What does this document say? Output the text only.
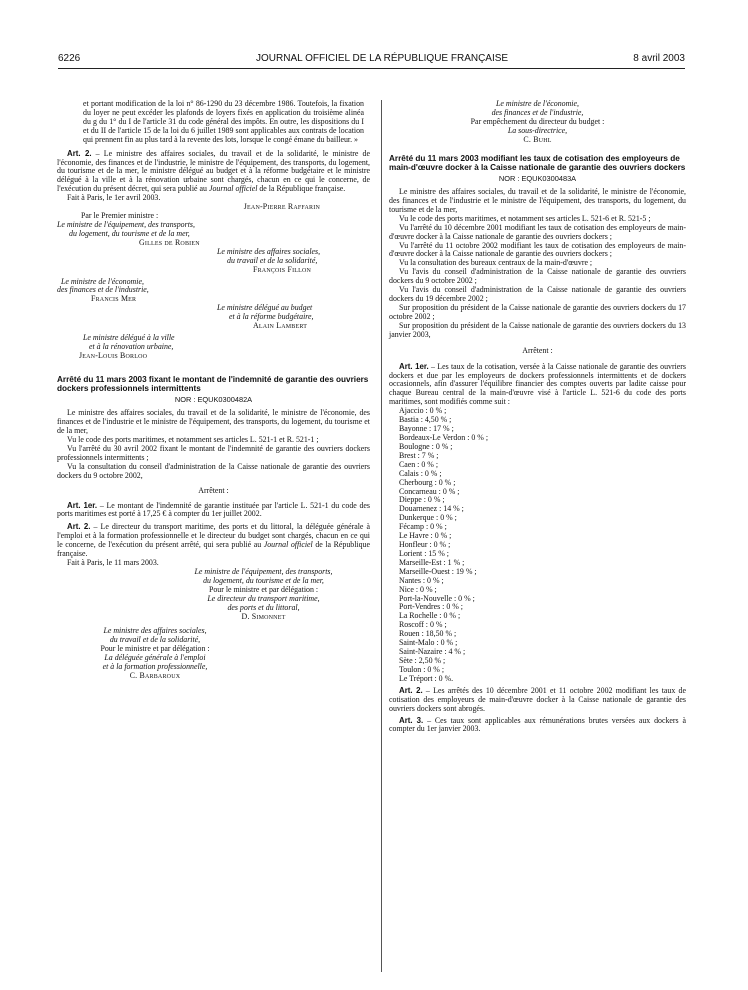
6226	JOURNAL OFFICIEL DE LA RÉPUBLIQUE FRANÇAISE	8 avril 2003

et portant modification de la loi n° 86-1290 du 23 décembre 1986. Toutefois, la fixation du loyer ne peut excéder les plafonds de loyers fixés en application du troisième alinéa du g du 1° du I de l'article 31 du code général des impôts. En outre, les dispositions du I et du II de l'article 15 de la loi du 6 juillet 1989 sont applicables aux contrats de location qui prennent fin au plus tard à la revente des lots, lorsque le congé émane du bailleur. »

Art. 2. – Le ministre des affaires sociales, du travail et de la solidarité, le ministre de l'économie, des finances et de l'industrie, le ministre de l'équipement, des transports, du logement, du tourisme et de la mer, le ministre délégué au budget et à la réforme budgétaire et le ministre délégué à la ville et à la rénovation urbaine sont chargés, chacun en ce qui le concerne, de l'exécution du présent décret, qui sera publié au Journal officiel de la République française.

Fait à Paris, le 1er avril 2003.

Jean-Pierre Raffarin
Par le Premier ministre :
Le ministre de l'équipement, des transports,
du logement, du tourisme et de la mer,
Gilles de Robien
Le ministre des affaires sociales,
du travail et de la solidarité,
François Fillon
Le ministre de l'économie,
des finances et de l'industrie,
Francis Mer
Le ministre délégué au budget
et à la réforme budgétaire,
Alain Lambert
Le ministre délégué à la ville
et à la rénovation urbaine,
Jean-Louis Borloo

Arrêté du 11 mars 2003 fixant le montant de l'indemnité de garantie des ouvriers dockers professionnels intermittents

NOR : EQUK0300482A

Le ministre des affaires sociales, du travail et de la solidarité, le ministre de l'économie, des finances et de l'industrie et le ministre de l'équipement, des transports, du logement, du tourisme et de la mer,

Vu le code des ports maritimes, et notamment ses articles L. 521-1 et R. 521-1 ;

Vu l'arrêté du 30 avril 2002 fixant le montant de l'indemnité de garantie des ouvriers dockers professionnels intermittents ;

Vu la consultation du conseil d'administration de la Caisse nationale de garantie des ouvriers dockers du 9 octobre 2002,

Arrêtent :

Art. 1er. – Le montant de l'indemnité de garantie instituée par l'article L. 521-1 du code des ports maritimes est porté à 17,25 € à compter du 1er juillet 2002.

Art. 2. – Le directeur du transport maritime, des ports et du littoral, la déléguée générale à l'emploi et à la formation professionnelle et le directeur du budget sont chargés, chacun en ce qui le concerne, de l'exécution du présent arrêté, qui sera publié au Journal officiel de la République française.

Fait à Paris, le 11 mars 2003.

Le ministre de l'équipement, des transports,
du logement, du tourisme et de la mer,
Pour le ministre et par délégation :
Le directeur du transport maritime,
des ports et du littoral,
D. Simonnet
Le ministre des affaires sociales,
du travail et de la solidarité,
Pour le ministre et par délégation :
La déléguée générale à l'emploi
et à la formation professionnelle,
C. Barbaroux
Le ministre de l'économie,
des finances et de l'industrie,
Par empêchement du directeur du budget :
La sous-directrice,
C. Buhl

Arrêté du 11 mars 2003 modifiant les taux de cotisation des employeurs de main-d'œuvre docker à la Caisse nationale de garantie des ouvriers dockers

NOR : EQUK0300483A

Le ministre des affaires sociales, du travail et de la solidarité, le ministre de l'économie, des finances et de l'industrie et le ministre de l'équipement, des transports, du logement, du tourisme et de la mer,

Vu le code des ports maritimes, et notamment ses articles L. 521-6 et R. 521-5 ;

Vu l'arrêté du 10 décembre 2001 modifiant les taux de cotisation des employeurs de main-d'œuvre docker à la Caisse nationale de garantie des ouvriers dockers ;

Vu l'arrêté du 11 octobre 2002 modifiant les taux de cotisation des employeurs de main-d'œuvre docker à la Caisse nationale de garantie des ouvriers dockers ;

Vu la consultation des bureaux centraux de la main-d'œuvre ;

Vu l'avis du conseil d'administration de la Caisse nationale de garantie des ouvriers dockers du 9 octobre 2002 ;

Vu l'avis du conseil d'administration de la Caisse nationale de garantie des ouvriers dockers du 19 décembre 2002 ;

Sur proposition du président de la Caisse nationale de garantie des ouvriers dockers du 17 octobre 2002 ;

Sur proposition du président de la Caisse nationale de garantie des ouvriers dockers du 13 janvier 2003,

Arrêtent :

Art. 1er. – Les taux de la cotisation, versée à la Caisse nationale de garantie des ouvriers dockers et due par les employeurs de dockers professionnels intermittents et de dockers occasionnels, afin d'assurer l'équilibre financier des comptes ouverts par ladite caisse pour chaque Bureau central de la main-d'œuvre visé à l'article L. 521-6 du code des ports maritimes, sont modifiés comme suit :

Ajaccio : 0 % ;
Bastia : 4,50 % ;
Bayonne : 17 % ;
Bordeaux-Le Verdon : 0 % ;
Boulogne : 0 % ;
Brest : 7 % ;
Caen : 0 % ;
Calais : 0 % ;
Cherbourg : 0 % ;
Concarneau : 0 % ;
Dieppe : 0 % ;
Douarnenez : 14 % ;
Dunkerque : 0 % ;
Fécamp : 0 % ;
Le Havre : 0 % ;
Honfleur : 0 % ;
Lorient : 15 % ;
Marseille-Est : 1 % ;
Marseille-Ouest : 19 % ;
Nantes : 0 % ;
Nice : 0 % ;
Port-la-Nouvelle : 0 % ;
Port-Vendres : 0 % ;
La Rochelle : 0 % ;
Roscoff : 0 % ;
Rouen : 18,50 % ;
Saint-Malo : 0 % ;
Saint-Nazaire : 4 % ;
Sète : 2,50 % ;
Toulon : 0 % ;
Le Tréport : 0 %.

Art. 2. – Les arrêtés des 10 décembre 2001 et 11 octobre 2002 modifiant les taux de cotisation des employeurs de main-d'œuvre docker à la Caisse nationale de garantie des ouvriers dockers sont abrogés.

Art. 3. – Ces taux sont applicables aux rémunérations brutes versées aux dockers à compter du 1er janvier 2003.
